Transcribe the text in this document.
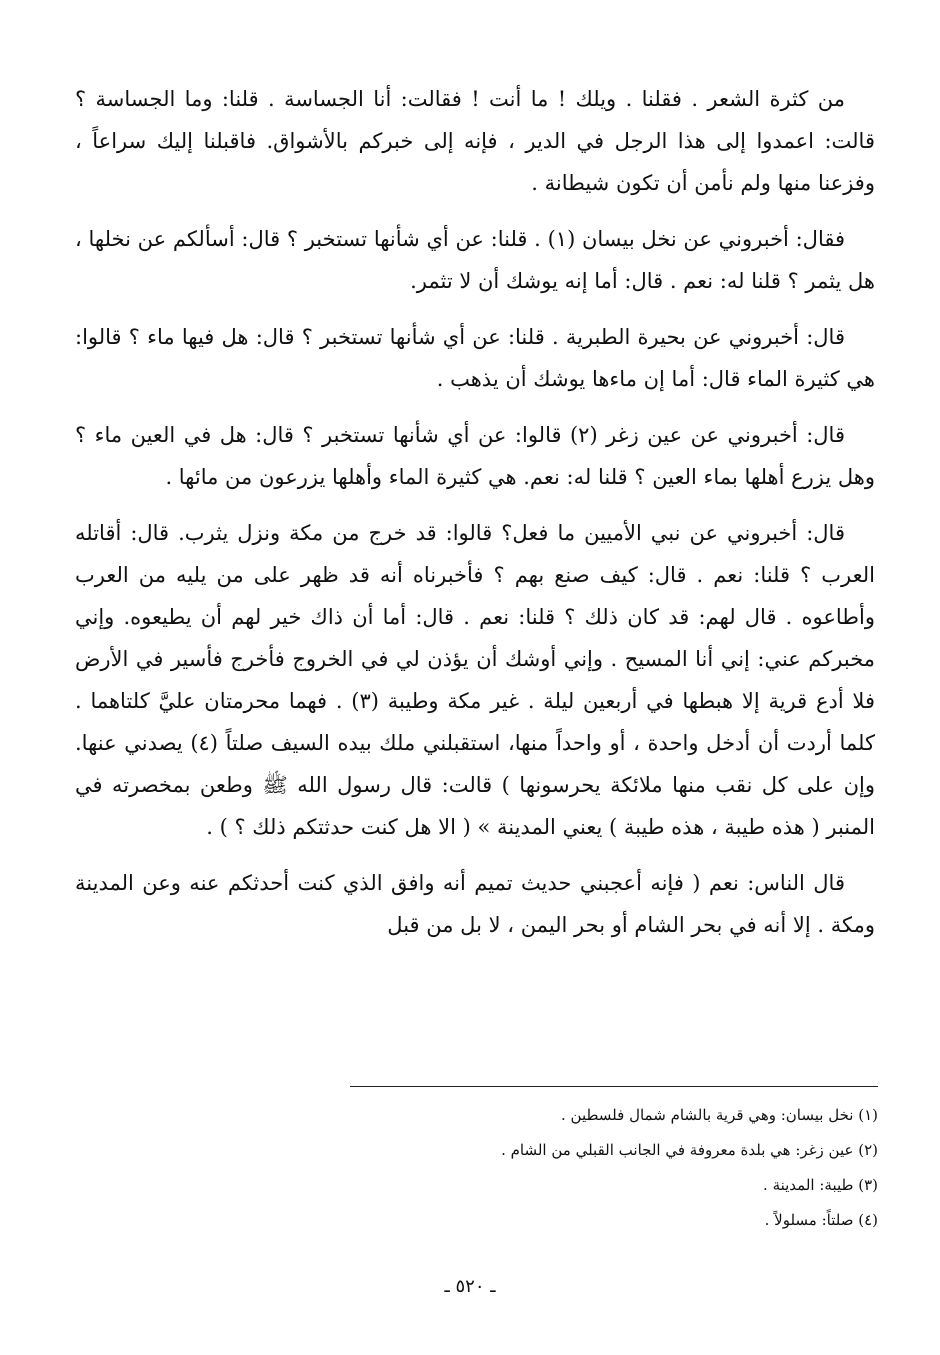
من كثرة الشعر . فقلنا . ويلك ! ما أنت ! فقالت: أنا الجساسة . قلنا: وما الجساسة ؟ قالت: اعمدوا إلى هذا الرجل في الدير ، فإنه إلى خبركم بالأشواق. فاقبلنا إليك سراعاً ، وفزعنا منها ولم نأمن أن تكون شيطانة .

فقال: أخبروني عن نخل بيسان (١) . قلنا: عن أي شأنها تستخبر ؟ قال: أسألكم عن نخلها ، هل يثمر ؟ قلنا له: نعم . قال: أما إنه يوشك أن لا تثمر.

قال: أخبروني عن بحيرة الطبرية . قلنا: عن أي شأنها تستخبر ؟ قال: هل فيها ماء ؟ قالوا: هي كثيرة الماء قال: أما إن ماءها يوشك أن يذهب .

قال: أخبروني عن عين زغر (٢) قالوا: عن أي شأنها تستخبر ؟ قال: هل في العين ماء ؟ وهل يزرع أهلها بماء العين ؟ قلنا له: نعم. هي كثيرة الماء وأهلها يزرعون من مائها .

قال: أخبروني عن نبي الأميين ما فعل؟ قالوا: قد خرج من مكة ونزل يثرب. قال: أقاتله العرب ؟ قلنا: نعم . قال: كيف صنع بهم ؟ فأخبرناه أنه قد ظهر على من يليه من العرب وأطاعوه . قال لهم: قد كان ذلك ؟ قلنا: نعم . قال: أما أن ذاك خير لهم أن يطيعوه. وإني مخبركم عني: إني أنا المسيح . وإني أوشك أن يؤذن لي في الخروج فأخرج فأسير في الأرض فلا أدع قرية إلا هبطها في أربعين ليلة . غير مكة وطيبة (٣) . فهما محرمتان عليَّ كلتاهما . كلما أردت أن أدخل واحدة ، أو واحداً منها، استقبلني ملك بيده السيف صلتاً (٤) يصدني عنها. وإن على كل نقب منها ملائكة يحرسونها ) قالت: قال رسول الله ﷺ وطعن بمخصرته في المنبر ( هذه طيبة ، هذه طيبة ) يعني المدينة » ( الا هل كنت حدثتكم ذلك ؟ ) .

قال الناس: نعم ( فإنه أعجبني حديث تميم أنه وافق الذي كنت أحدثكم عنه وعن المدينة ومكة . إلا أنه في بحر الشام أو بحر اليمن ، لا بل من قبل

(١) نخل بيسان: وهي قرية بالشام شمال فلسطين .

(٢) عين زغر: هي بلدة معروفة في الجانب القبلي من الشام .

(٣) طيبة: المدينة .

(٤) صلتاً: مسلولاً .

ـ ٥٢٠ ـ
